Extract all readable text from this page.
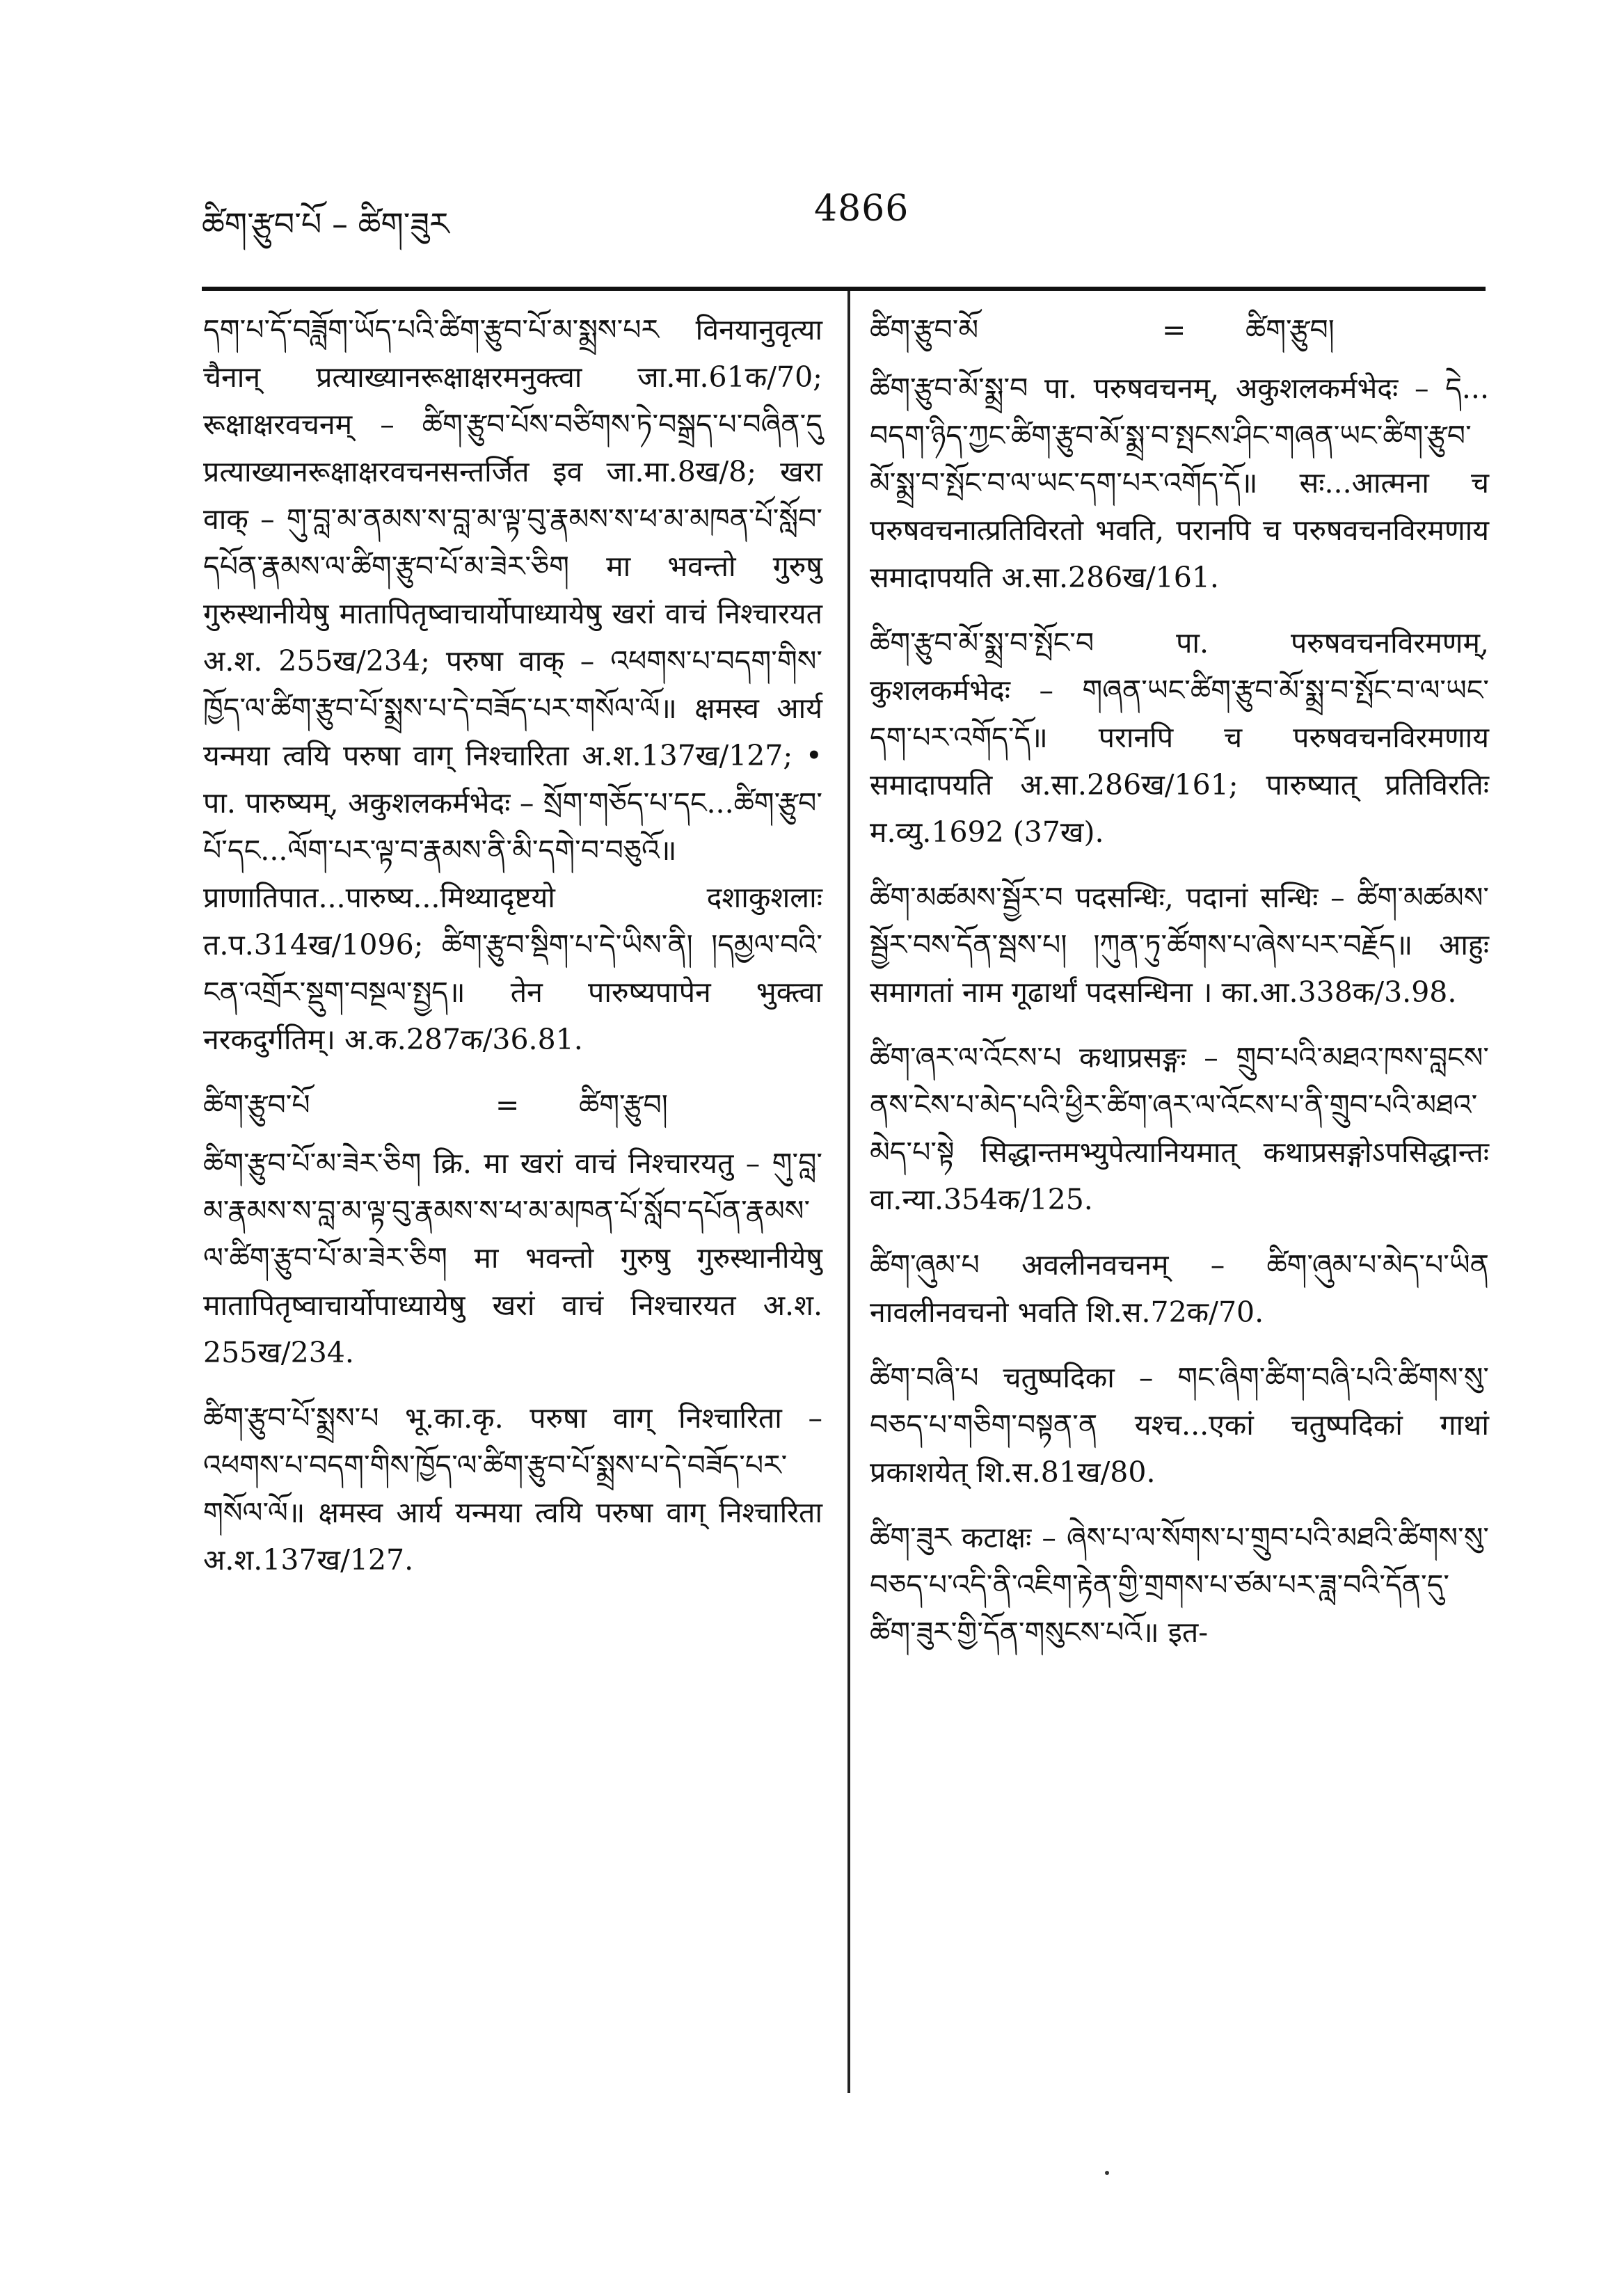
ཚིག་རྩུབ་པོ – ཚིག་ཟུར	4866

དག་པ་དོ་བཟློག་ཡོད་པའི་ཚིག་རྩུབ་པོ་མ་སྨྲས་པར विनयानुवृत्या चैनान् प्रत्याख्यानरूक्षाक्षरमनुक्त्वा जा.मा.61क/70; रूक्षाक्षरवचनम् – ཚིག་རྩུབ་པོས་བཙིགས་ཏེ་བསྒྲད་པ་བཞིན་དུ प्रत्याख्यानरूक्षाक्षरवचनसन्तर्जित इव जा.मा.8ख/8; खरा वाक् – གུ་བླ་མ་ནམས་ས་བླ་མ་ལྟ་བུ་རྣམས་ས་ཕ་མ་མཁན་པོ་སློབ་དཔོན་རྣམས་ལ་ཚིག་རྩུབ་པོ་མ་ཟེར་ཅིག मा भवन्तो गुरुषु गुरुस्थानीयेषु मातापितृष्वाचार्योपाध्यायेषु खरां वाचं निश्चारयत अ.श. 255ख/234; परुषा वाक् – འཕགས་པ་བདག་གིས་ཁྱོད་ལ་ཚིག་རྩུབ་པོ་སྨྲས་པ་དེ་བཟོད་པར་གསོལ་ལོ॥ क्षमस्व आर्य यन्मया त्वयि परुषा वाग् निश्चारिता अ.श.137ख/127; • पा. पारुष्यम्, अकुशलकर्मभेदः – སྲོག་གཅོད་པ་དང...ཚིག་རྩུབ་པོ་དང...ལོག་པར་ལྟ་བ་རྣམས་ནི་མི་དགེ་བ་བཅུའོ॥ प्राणातिपात...पारुष्य...मिथ्यादृष्टयो दशाकुशलाः त.प.314ख/1096; ཚིག་རྩུབ་སྡིག་པ་དེ་ཡིས་ནི། །དམྱལ་བའི་ངན་འགྲོར་སྡུག་བསྔལ་སྤྱད॥ तेन पारुष्यपापेन भुक्त्वा नरकदुर्गतिम्। अ.क.287क/36.81.

ཚིག་རྩུབ་པོ	=	ཚིག་རྩུབ།

ཚིག་རྩུབ་པོ་མ་ཟེར་ཅིག क्रि. मा खरां वाचं निश्चारयतु – གུ་བླ་མ་རྣམས་ས་བླ་མ་ལྟ་བུ་རྣམས་ས་ཕ་མ་མཁན་པོ་སློབ་དཔོན་རྣམས་ལ་ཚིག་རྩུབ་པོ་མ་ཟེར་ཅིག मा भवन्तो गुरुषु गुरुस्थानीयेषु मातापितृष्वाचार्योपाध्यायेषु खरां वाचं निश्चारयत अ.श. 255ख/234.

ཚིག་རྩུབ་པོ་སྨྲས་པ भू.का.कृ. परुषा वाग् निश्चारिता – འཕགས་པ་བདག་གིས་ཁྱོད་ལ་ཚིག་རྩུབ་པོ་སྨྲས་པ་དེ་བཟོད་པར་གསོལ་ལོ॥ क्षमस्व आर्य यन्मया त्वयि परुषा वाग् निश्चारिता अ.श.137ख/127.

ཚིག་རྩུབ་མོ	=	ཚིག་རྩུབ།

ཚིག་རྩུབ་མོ་སྨྲ་བ पा. परुषवचनम्, अकुशलकर्मभेदः – དེ... བདག་ཉིད་ཀྱང་ཚིག་རྩུབ་མོ་སྨྲ་བ་སྤངས་ཤིང་གཞན་ཡང་ཚིག་རྩུབ་མོ་སྨྲ་བ་སྤོང་བ་ལ་ཡང་དག་པར་འགོད་དོ॥ सः...आत्मना च परुषवचनात्प्रतिविरतो भवति, परानपि च परुषवचनविरमणाय समादापयति अ.सा.286ख/161.

ཚིག་རྩུབ་མོ་སྨྲ་བ་སྤོང་བ पा. परुषवचनविरमणम्, कुशलकर्मभेदः – གཞན་ཡང་ཚིག་རྩུབ་མོ་སྨྲ་བ་སྤོང་བ་ལ་ཡང་དག་པར་འགོད་དོ॥ परानपि च परुषवचनविरमणाय समादापयति अ.सा.286ख/161; पारुष्यात् प्रतिविरतिः म.व्यु.1692 (37ख).

ཚིག་མཚམས་སྦྱོར་བ पदसन्धिः, पदानां सन्धिः – ཚིག་མཚམས་སྦྱོར་བས་དོན་སྦས་པ། །ཀུན་ཏུ་ཚོགས་པ་ཞེས་པར་བརྗོད॥ आहुः समागतां नाम गूढार्थां पदसन्धिना । का.आ.338क/3.98.

ཚིག་ཞར་ལ་འོངས་པ कथाप्रसङ्गः – གྲུབ་པའི་མཐའ་ཁས་བླངས་ནས་ངེས་པ་མེད་པའི་ཕྱིར་ཚིག་ཞར་ལ་འོངས་པ་ནི་གྲུབ་པའི་མཐའ་མེད་པ་སྟེ सिद्धान्तमभ्युपेत्यानियमात् कथाप्रसङ्गोऽपसिद्धान्तः वा.न्या.354क/125.

ཚིག་ཞུམ་པ अवलीनवचनम् – ཚིག་ཞུམ་པ་མེད་པ་ཡིན नावलीनवचनो भवति शि.स.72क/70.

ཚིག་བཞི་པ चतुष्पदिका – གང་ཞིག་ཚིག་བཞི་པའི་ཚིགས་སུ་བཅད་པ་གཅིག་བསྟན་ན यश्च...एकां चतुष्पदिकां गाथां प्रकाशयेत् शि.स.81ख/80.

ཚིག་ཟུར कटाक्षः – ཞེས་པ་ལ་སོགས་པ་གྲུབ་པའི་མཐའི་ཚིགས་སུ་བཅད་པ་འདི་ནི་འཇིག་རྟེན་གྱི་གྲགས་པ་ཙམ་པར་ཟླ་བའི་དོན་དུ་ཚིག་ཟུར་གྱི་དོན་གསུངས་པའོ॥ इत-
